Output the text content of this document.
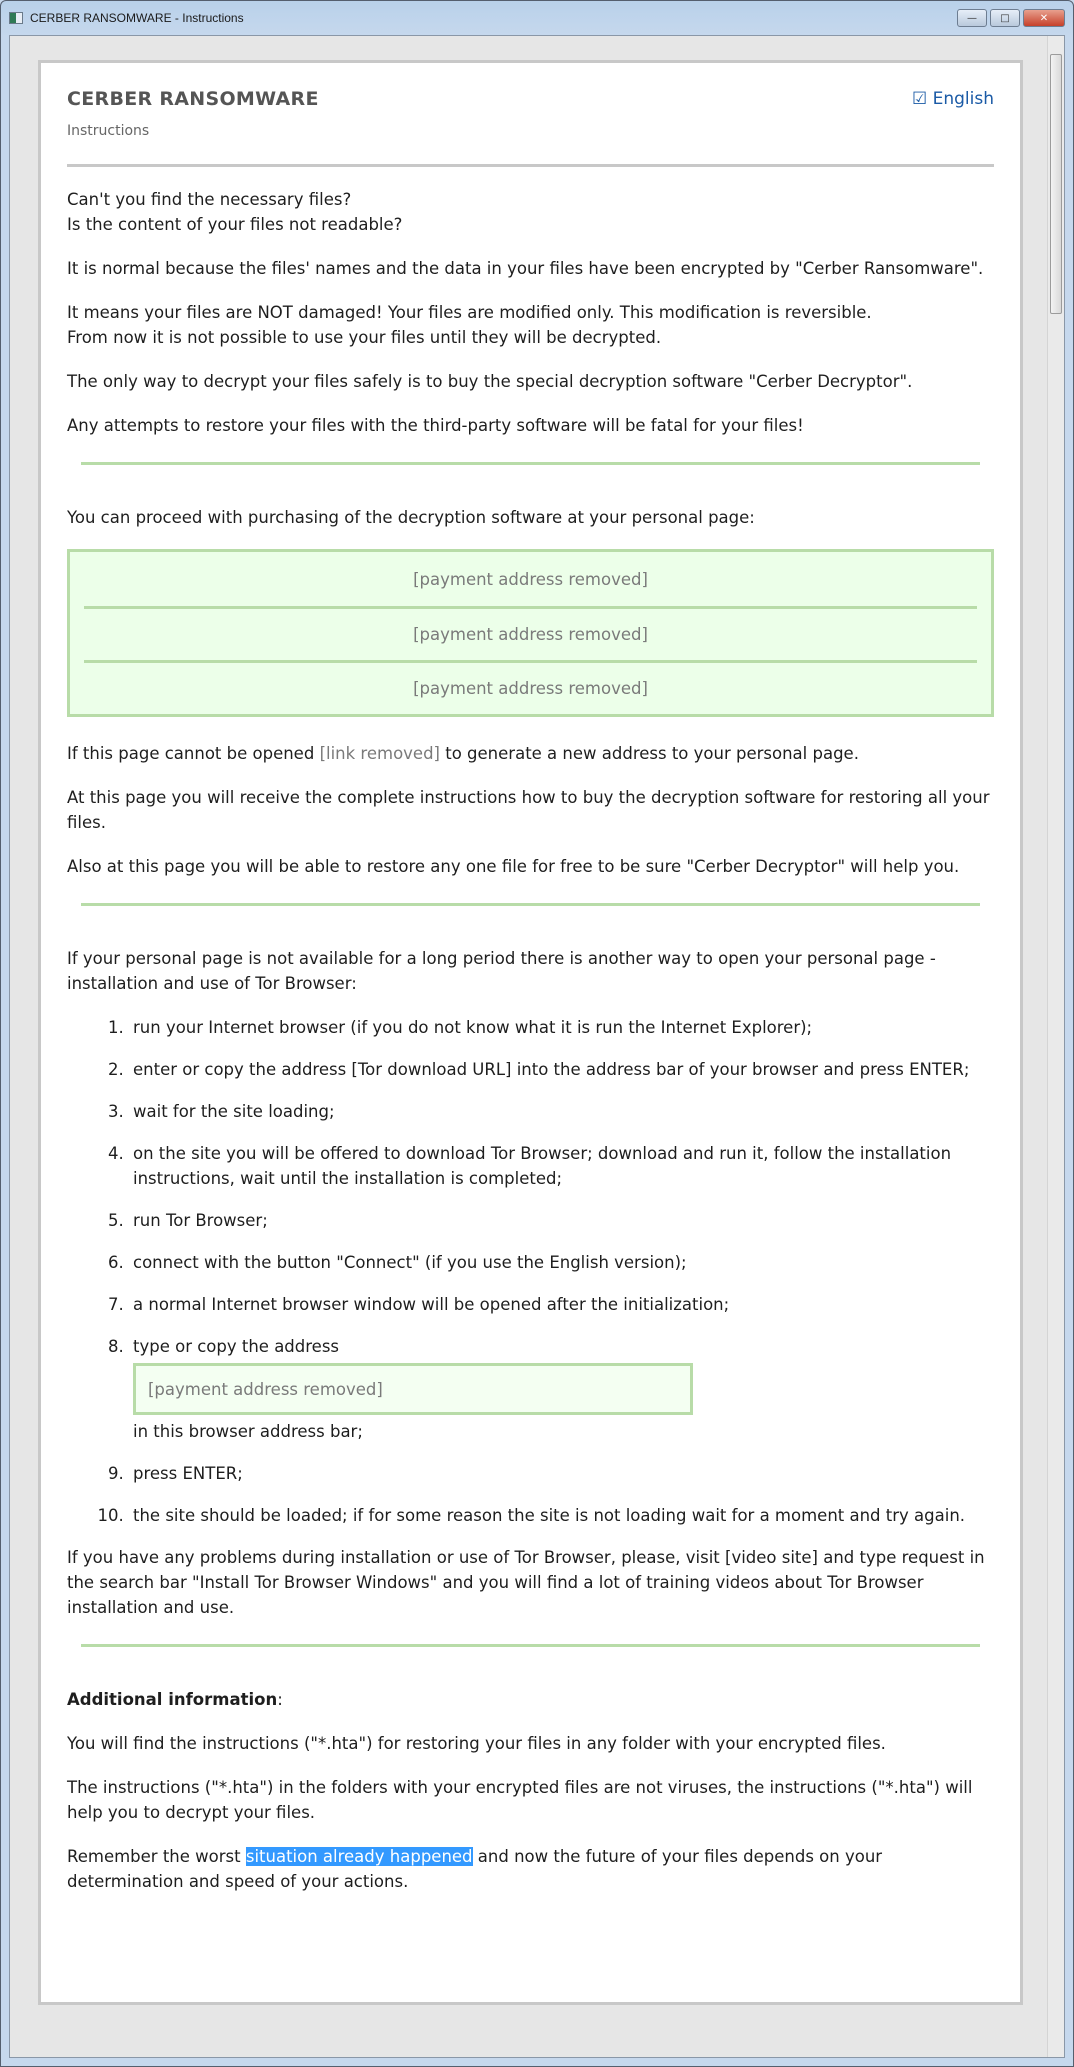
CERBER RANSOMWARE - Instructions	— □	✕
CERBER RANSOMWARE
Instructions
☑ English

Can't you find the necessary files?
Is the content of your files not readable?

It is normal because the files' names and the data in your files have been encrypted by "Cerber Ransomware".

It means your files are NOT damaged! Your files are modified only. This modification is reversible.
From now it is not possible to use your files until they will be decrypted.

The only way to decrypt your files safely is to buy the special decryption software "Cerber Decryptor".

Any attempts to restore your files with the third-party software will be fatal for your files!

You can proceed with purchasing of the decryption software at your personal page:

[payment address removed]
[payment address removed]
[payment address removed]

If this page cannot be opened [link removed] to generate a new address to your personal page.

At this page you will receive the complete instructions how to buy the decryption software for restoring all your files.

Also at this page you will be able to restore any one file for free to be sure "Cerber Decryptor" will help you.

If your personal page is not available for a long period there is another way to open your personal page - installation and use of Tor Browser:

1. run your Internet browser (if you do not know what it is run the Internet Explorer);
2. enter or copy the address [Tor download URL] into the address bar of your browser and press ENTER;
3. wait for the site loading;
4. on the site you will be offered to download Tor Browser; download and run it, follow the installation instructions, wait until the installation is completed;
5. run Tor Browser;
6. connect with the button "Connect" (if you use the English version);
7. a normal Internet browser window will be opened after the initialization;
8. type or copy the address
[payment address removed]
in this browser address bar;
9. press ENTER;
10. the site should be loaded; if for some reason the site is not loading wait for a moment and try again.

If you have any problems during installation or use of Tor Browser, please, visit [video site] and type request in the search bar "Install Tor Browser Windows" and you will find a lot of training videos about Tor Browser installation and use.

Additional information:

You will find the instructions ("*.hta") for restoring your files in any folder with your encrypted files.

The instructions ("*.hta") in the folders with your encrypted files are not viruses, the instructions ("*.hta") will help you to decrypt your files.

Remember the worst situation already happened and now the future of your files depends on your determination and speed of your actions.
